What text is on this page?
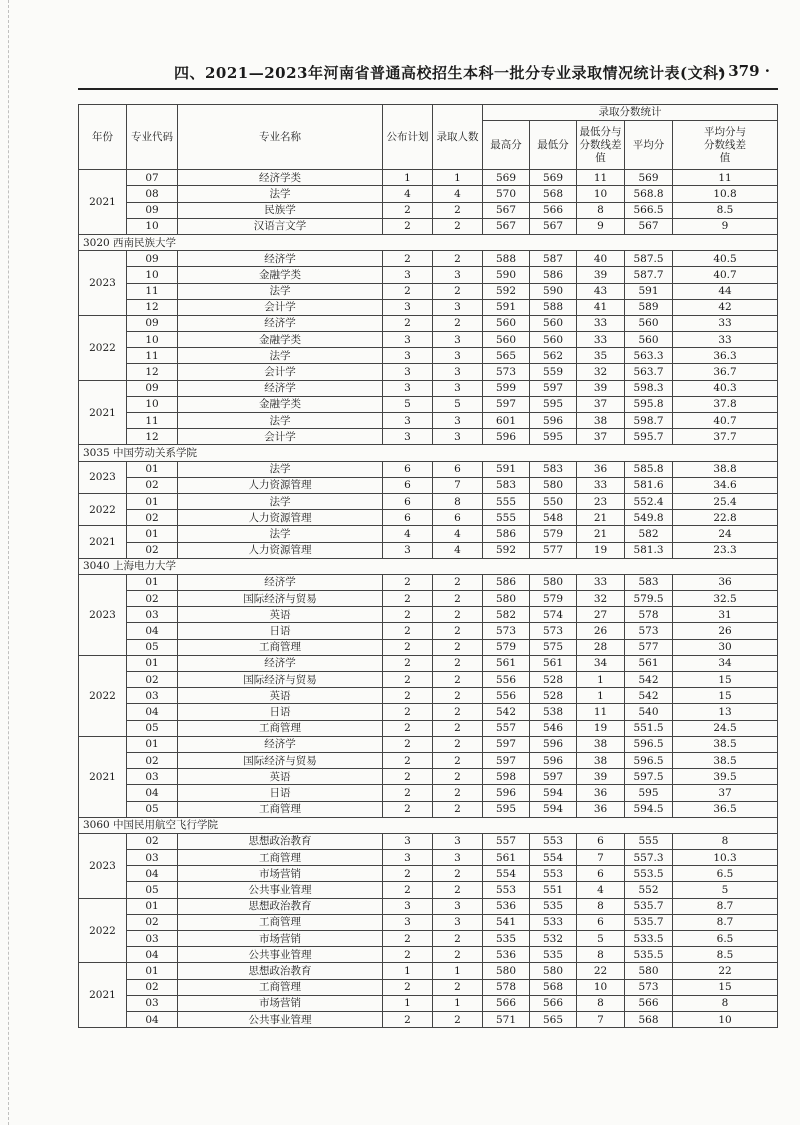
四、2021—2023年河南省普通高校招生本科一批分专业录取情况统计表(文科)
· 379 ·
年份	专业代码	专业名称	公布计划	录取人数	录取分数统计				
					最高分	最低分	最低分与分数线差值	平均分	平均分与分数线差值
2021	07	经济学类	1	1	569	569	11	569	11
	08	法学	4	4	570	568	10	568.8	10.8
	09	民族学	2	2	567	566	8	566.5	8.5
	10	汉语言文学	2	2	567	567	9	567	9
3020 西南民族大学									
2023	09	经济学	2	2	588	587	40	587.5	40.5
	10	金融学类	3	3	590	586	39	587.7	40.7
	11	法学	2	2	592	590	43	591	44
	12	会计学	3	3	591	588	41	589	42
2022	09	经济学	2	2	560	560	33	560	33
	10	金融学类	3	3	560	560	33	560	33
	11	法学	3	3	565	562	35	563.3	36.3
	12	会计学	3	3	573	559	32	563.7	36.7
2021	09	经济学	3	3	599	597	39	598.3	40.3
	10	金融学类	5	5	597	595	37	595.8	37.8
	11	法学	3	3	601	596	38	598.7	40.7
	12	会计学	3	3	596	595	37	595.7	37.7
3035 中国劳动关系学院									
2023	01	法学	6	6	591	583	36	585.8	38.8
	02	人力资源管理	6	7	583	580	33	581.6	34.6
2022	01	法学	6	8	555	550	23	552.4	25.4
	02	人力资源管理	6	6	555	548	21	549.8	22.8
2021	01	法学	4	4	586	579	21	582	24
	02	人力资源管理	3	4	592	577	19	581.3	23.3
3040 上海电力大学									
2023	01	经济学	2	2	586	580	33	583	36
	02	国际经济与贸易	2	2	580	579	32	579.5	32.5
	03	英语	2	2	582	574	27	578	31
	04	日语	2	2	573	573	26	573	26
	05	工商管理	2	2	579	575	28	577	30
2022	01	经济学	2	2	561	561	34	561	34
	02	国际经济与贸易	2	2	556	528	1	542	15
	03	英语	2	2	556	528	1	542	15
	04	日语	2	2	542	538	11	540	13
	05	工商管理	2	2	557	546	19	551.5	24.5
2021	01	经济学	2	2	597	596	38	596.5	38.5
	02	国际经济与贸易	2	2	597	596	38	596.5	38.5
	03	英语	2	2	598	597	39	597.5	39.5
	04	日语	2	2	596	594	36	595	37
	05	工商管理	2	2	595	594	36	594.5	36.5
3060 中国民用航空飞行学院									
2023	02	思想政治教育	3	3	557	553	6	555	8
	03	工商管理	3	3	561	554	7	557.3	10.3
	04	市场营销	2	2	554	553	6	553.5	6.5
	05	公共事业管理	2	2	553	551	4	552	5
2022	01	思想政治教育	3	3	536	535	8	535.7	8.7
	02	工商管理	3	3	541	533	6	535.7	8.7
	03	市场营销	2	2	535	532	5	533.5	6.5
	04	公共事业管理	2	2	536	535	8	535.5	8.5
2021	01	思想政治教育	1	1	580	580	22	580	22
	02	工商管理	2	2	578	568	10	573	15
	03	市场营销	1	1	566	566	8	566	8
	04	公共事业管理	2	2	571	565	7	568	10
